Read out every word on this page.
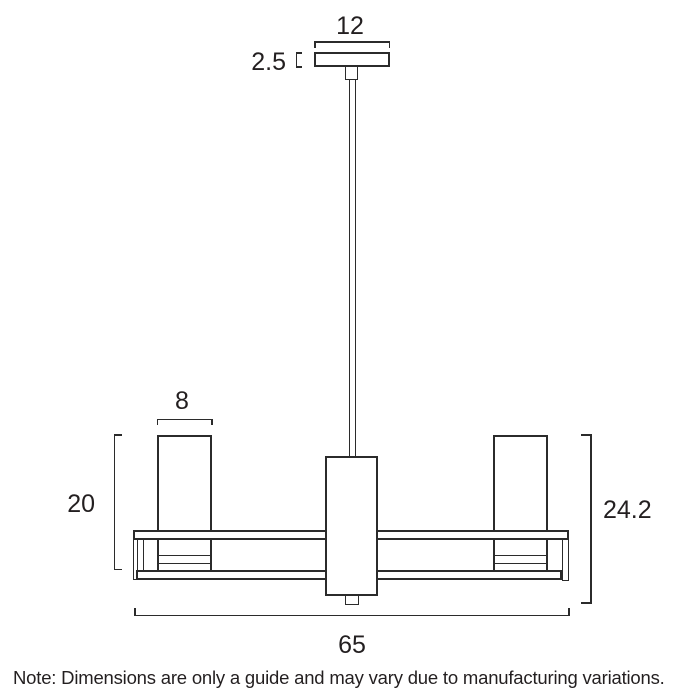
12
2.5
8
20	24.2
65
Note: Dimensions are only a guide and may vary due to manufacturing variations.
